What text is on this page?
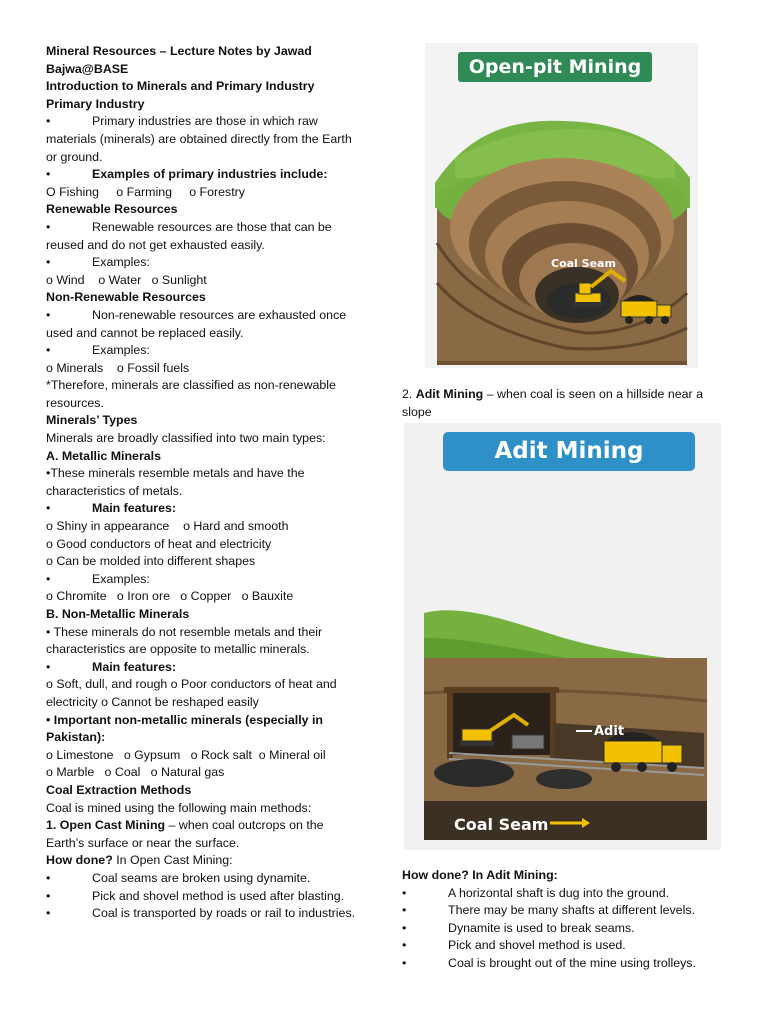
Mineral Resources – Lecture Notes by Jawad

Bajwa@BASE

Introduction to Minerals and Primary Industry

Primary Industry

•	Primary industries are those in which raw materials (minerals) are obtained directly from the Earth or ground.

•	Examples of primary industries include:

O Fishing     o Farming     o Forestry

Renewable Resources

•	Renewable resources are those that can be reused and do not get exhausted easily.

•	Examples:

o Wind    o Water   o Sunlight

Non-Renewable Resources

•	Non-renewable resources are exhausted once used and cannot be replaced easily.

•	Examples:

o Minerals    o Fossil fuels

*Therefore, minerals are classified as non-renewable resources.

Minerals’ Types

Minerals are broadly classified into two main types:

A. Metallic Minerals

•These minerals resemble metals and have the characteristics of metals.

•	Main features:

o Shiny in appearance    o Hard and smooth

o Good conductors of heat and electricity

o Can be molded into different shapes

•	Examples:

o Chromite   o Iron ore   o Copper   o Bauxite

B. Non-Metallic Minerals

• These minerals do not resemble metals and their characteristics are opposite to metallic minerals.

•	Main features:

o Soft, dull, and rough o Poor conductors of heat and electricity o Cannot be reshaped easily

• Important non-metallic minerals (especially in Pakistan):

o Limestone   o Gypsum   o Rock salt  o Mineral oil

o Marble   o Coal   o Natural gas

Coal Extraction Methods

Coal is mined using the following main methods:

1. Open Cast Mining – when coal outcrops on the Earth’s surface or near the surface.

How done? In Open Cast Mining:

•	Coal seams are broken using dynamite.
•	Pick and shovel method is used after blasting.

•	Coal is transported by roads or rail to industries.

Coal Seam
Open-pit Mining

2. Adit Mining – when coal is seen on a hillside near a slope

Adit
Coal Seam
Adit Mining

How done? In Adit Mining:

•	A horizontal shaft is dug into the ground.
•	There may be many shafts at different levels.
•	Dynamite is used to break seams.
•	Pick and shovel method is used.
•	Coal is brought out of the mine using trolleys.
